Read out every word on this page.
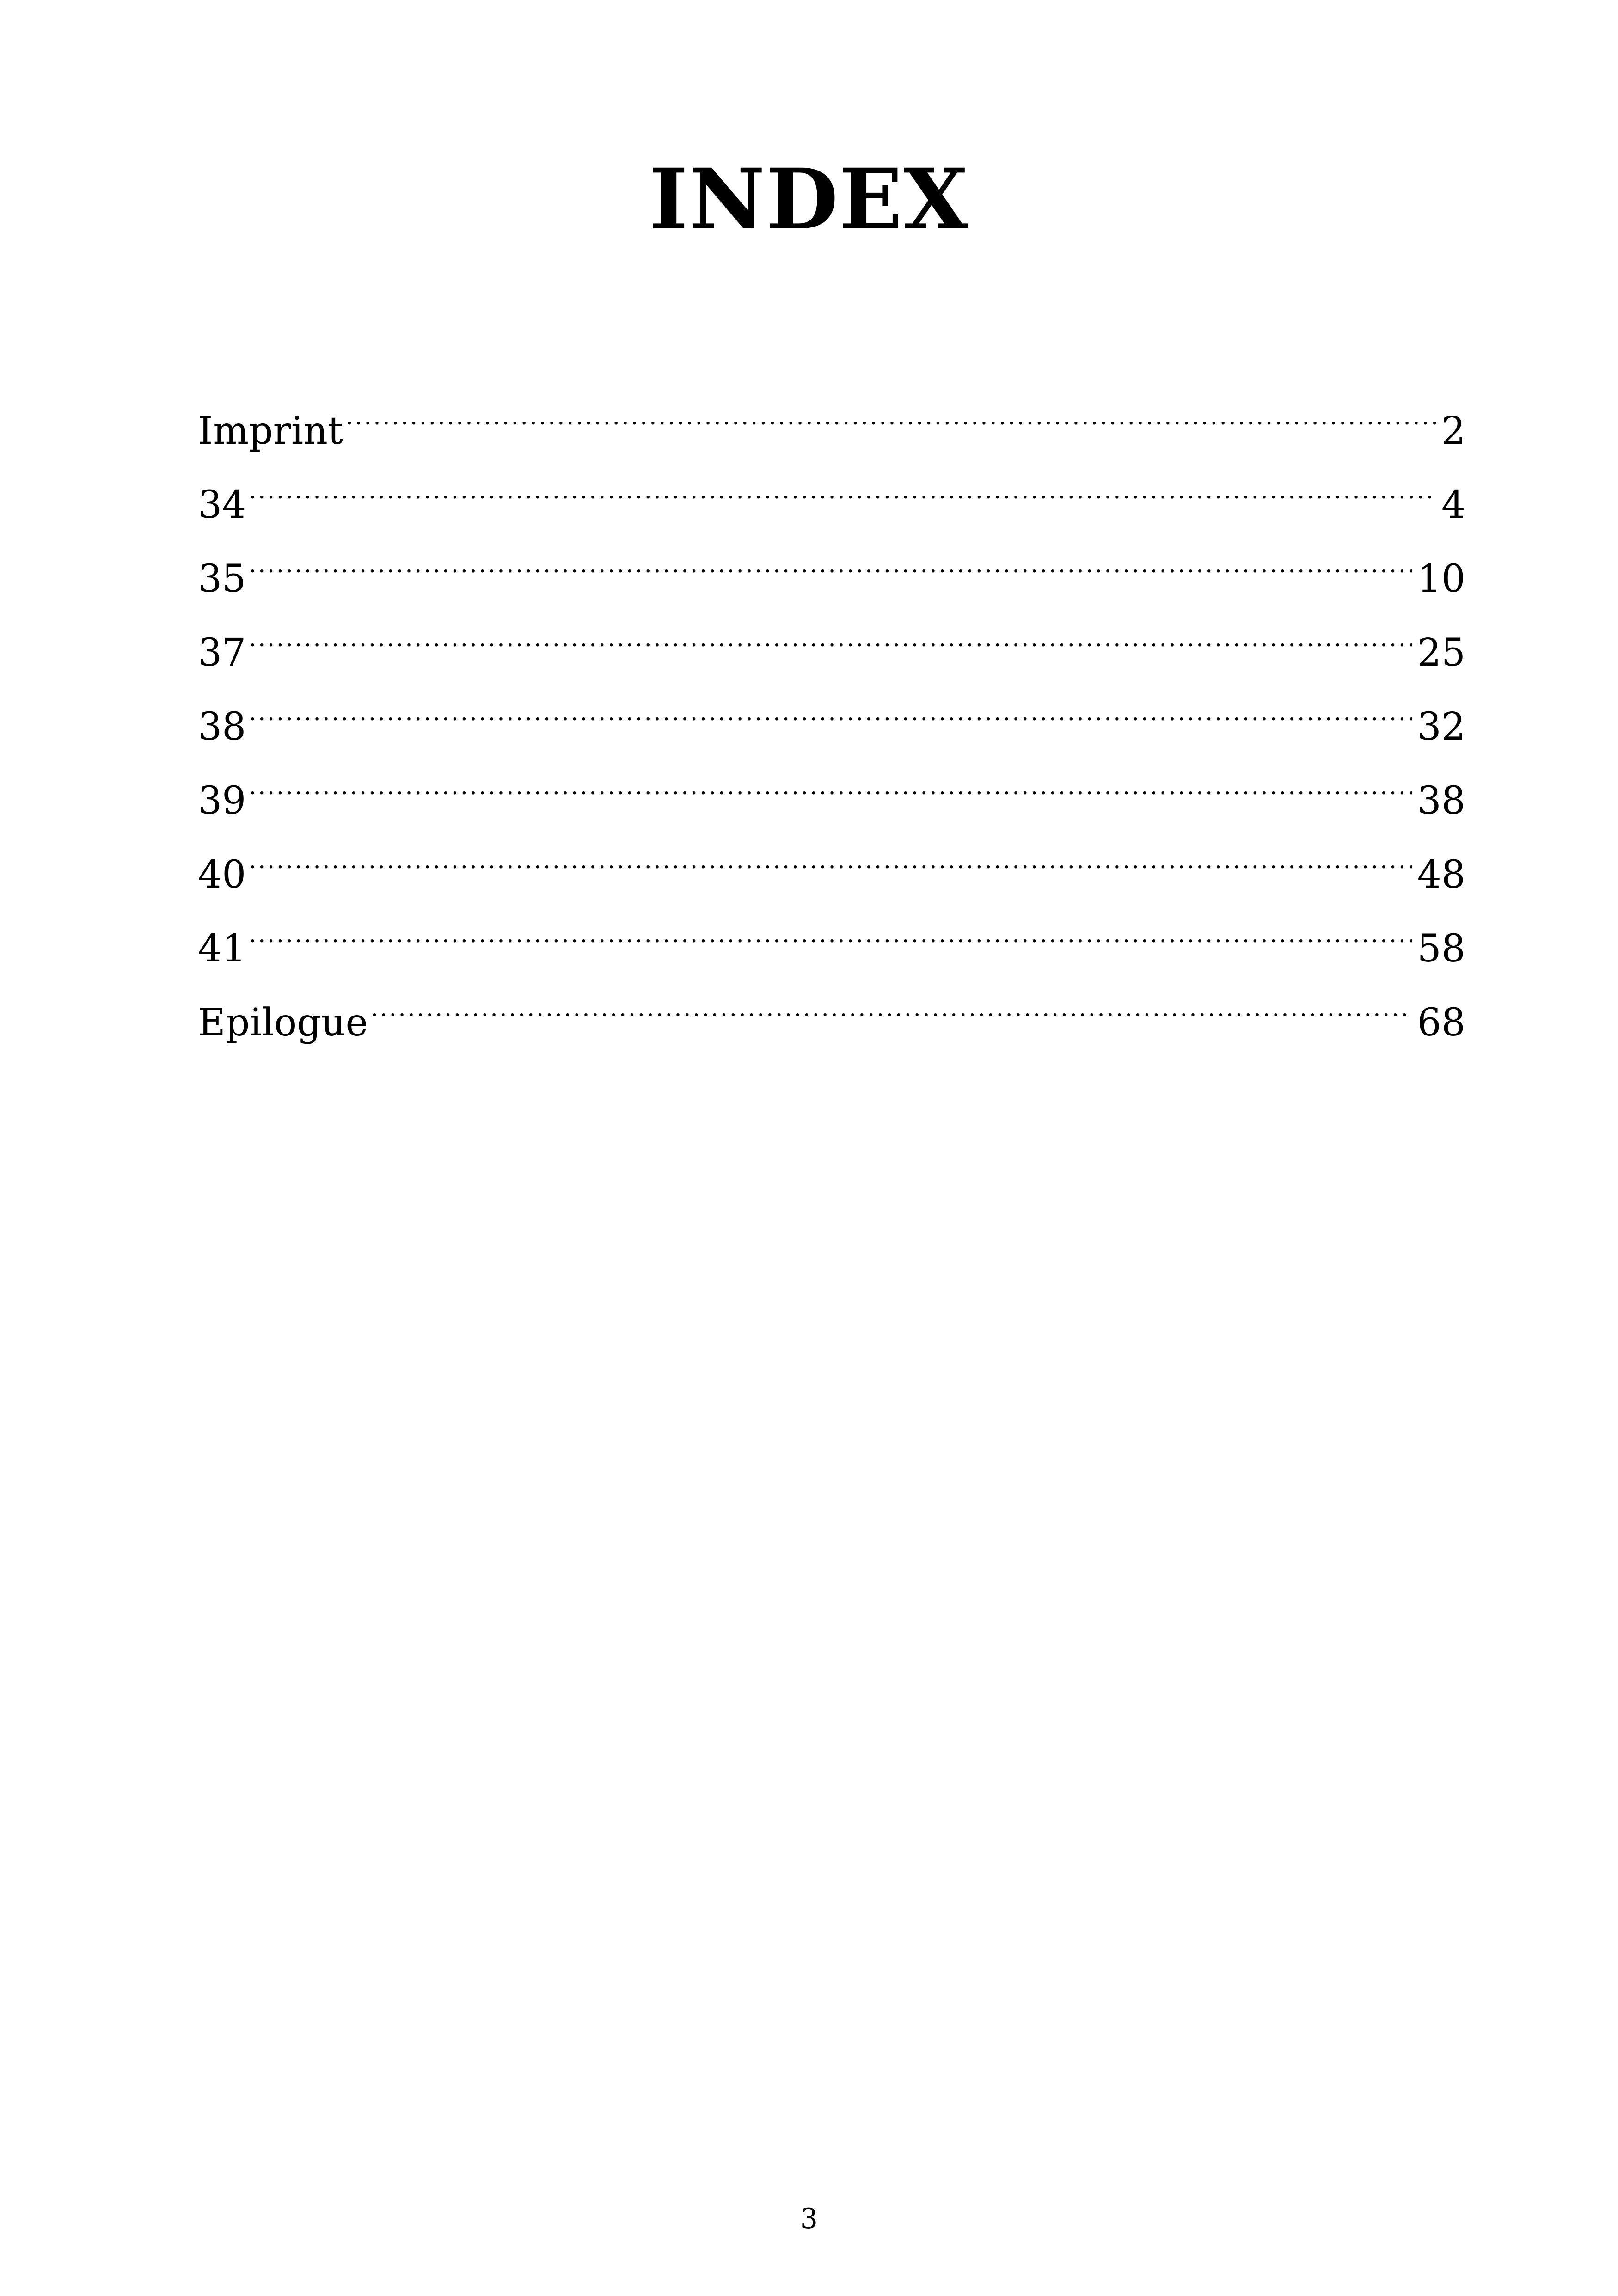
INDEX
Imprint .....	2
34 .....	4
35 .....	10
37 .....	25
38 .....	32
39 .....	38
40 .....	48
41 .....	58
Epilogue .....	68
3
